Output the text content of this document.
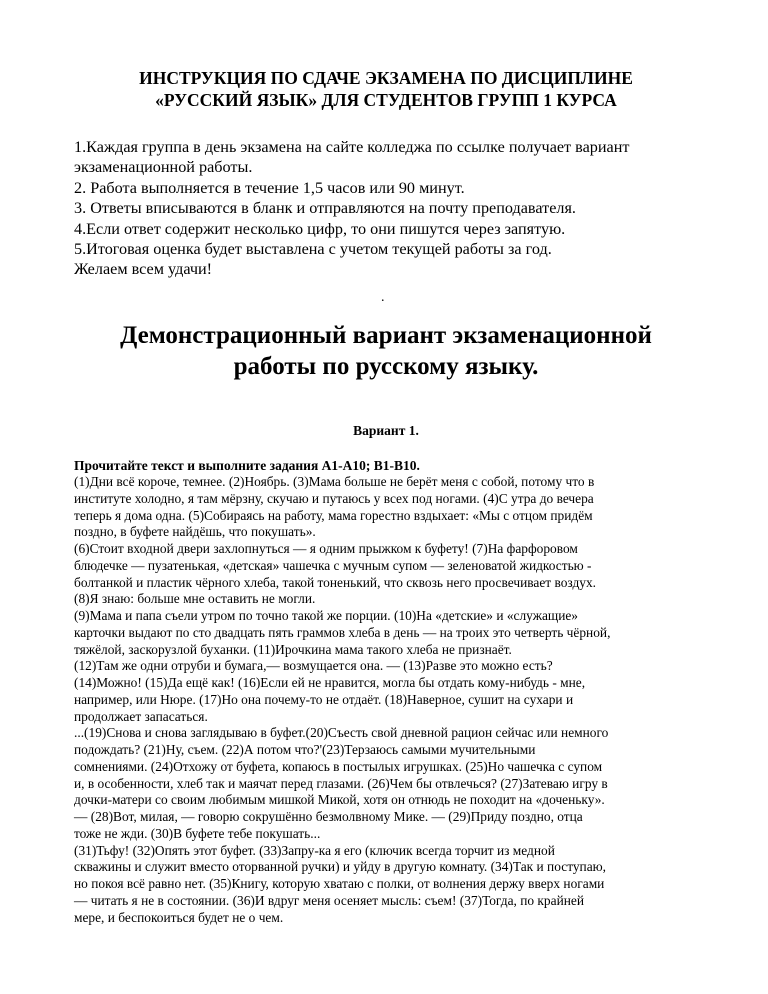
ИНСТРУКЦИЯ ПО СДАЧЕ ЭКЗАМЕНА ПО ДИСЦИПЛИНЕ
«РУССКИЙ ЯЗЫК» ДЛЯ СТУДЕНТОВ ГРУПП 1 КУРСА
1.Каждая группа в день экзамена на сайте колледжа по ссылке получает вариант
экзаменационной работы.
2. Работа выполняется в течение 1,5 часов или 90 минут.
3. Ответы вписываются в бланк и отправляются на почту преподавателя.
4.Если ответ содержит несколько цифр, то они пишутся через запятую.
5.Итоговая оценка будет выставлена с учетом текущей работы за год.
Желаем всем удачи!
.
Демонстрационный вариант экзаменационной
работы по русскому языку.
Вариант 1.
Прочитайте текст и выполните задания А1-А10; В1-В10.
(1)Дни всё короче, темнее. (2)Ноябрь. (3)Мама больше не берёт меня с собой, потому что в
институте холодно, я там мёрзну, скучаю и путаюсь у всех под ногами. (4)С утра до вечера
теперь я дома одна. (5)Собираясь на работу, мама горестно вздыхает: «Мы с отцом придём
поздно, в буфете найдёшь, что покушать».
(6)Стоит входной двери захлопнуться — я одним прыжком к буфету! (7)На фарфоровом
блюдечке — пузатенькая, «детская» чашечка с мучным супом — зеленоватой жидкостью -
болтанкой и пластик чёрного хлеба, такой тоненький, что сквозь него просвечивает воздух.
(8)Я знаю: больше мне оставить не могли.
(9)Мама и папа съели утром по точно такой же порции. (10)На «детские» и «служащие»
карточки выдают по сто двадцать пять граммов хлеба в день — на троих это четверть чёрной,
тяжёлой, заскорузлой буханки. (11)Ирочкина мама такого хлеба не признаёт.
(12)Там же одни отруби и бумага,— возмущается она. — (13)Разве это можно есть?
(14)Можно! (15)Да ещё как! (16)Если ей не нравится, могла бы отдать кому-нибудь - мне,
например, или Нюре. (17)Но она почему-то не отдаёт. (18)Наверное, сушит на сухари и
продолжает запасаться.
...(19)Снова и снова заглядываю в буфет.(20)Съесть свой дневной рацион сейчас или немного
подождать? (21)Ну, съем. (22)А потом что?'(23)Терзаюсь самыми мучительными
сомнениями. (24)Отхожу от буфета, копаюсь в постылых игрушках. (25)Но чашечка с супом
и, в особенности, хлеб так и маячат перед глазами. (26)Чем бы отвлечься? (27)Затеваю игру в
дочки-матери со своим любимым мишкой Микой, хотя он отнюдь не походит на «доченьку».
— (28)Вот, милая, — говорю сокрушённо безмолвному Мике. — (29)Приду поздно, отца
тоже не жди. (30)В буфете тебе покушать...
(31)Тьфу! (32)Опять этот буфет. (33)Запру-ка я его (ключик всегда торчит из медной
скважины и служит вместо оторванной ручки) и уйду в другую комнату. (34)Так и поступаю,
но покоя всё равно нет. (35)Книгу, которую хватаю с полки, от волнения держу вверх ногами
— читать я не в состоянии. (36)И вдруг меня осеняет мысль: съем! (37)Тогда, по крайней
мере, и беспокоиться будет не о чем.
